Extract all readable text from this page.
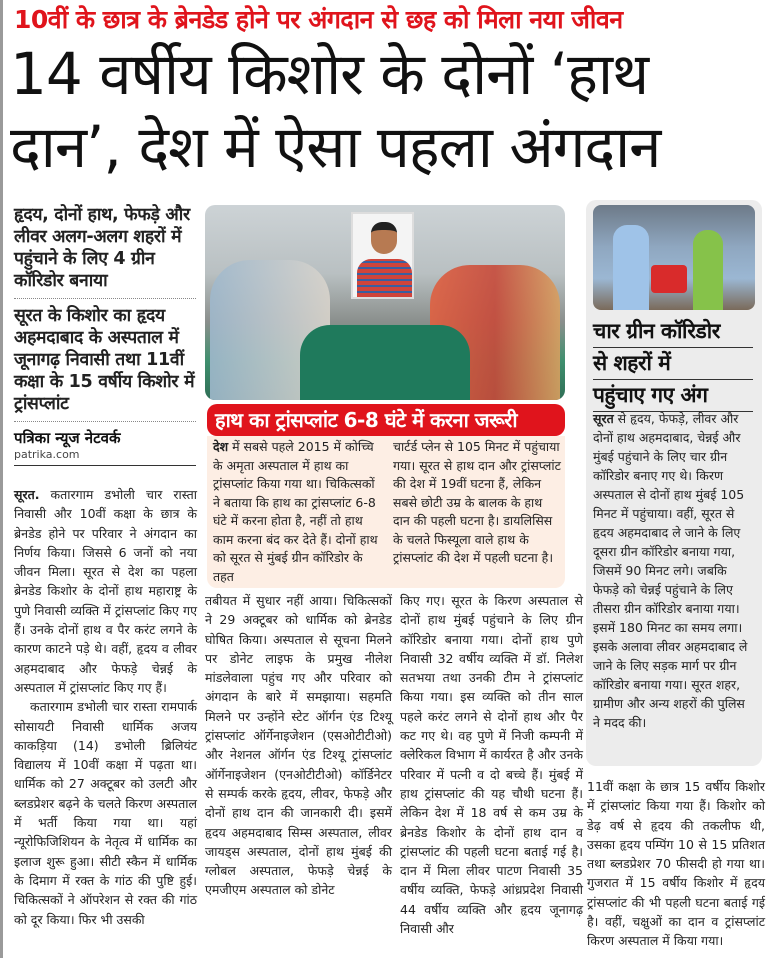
10वीं के छात्र के ब्रेनडेड होने पर अंगदान से छह को मिला नया जीवन
14 वर्षीय किशोर के दोनों ‘हाथ
दान’, देश में ऐसा पहला अंगदान
हृदय, दोनों हाथ, फेफड़े और लीवर अलग-अलग शहरों में पहुंचाने के लिए 4 ग्रीन कॉरिडोर बनाया
सूरत के किशोर का हृदय अहमदाबाद के अस्पताल में जूनागढ़ निवासी तथा 11वीं कक्षा के 15 वर्षीय किशोर में ट्रांसप्लांट
पत्रिका न्यूज नेटवर्क
patrika.com

सूरत. कतारगाम डभोली चार रास्ता निवासी और 10वीं कक्षा के छात्र के ब्रेनडेड होने पर परिवार ने अंगदान का निर्णय किया। जिससे 6 जनों को नया जीवन मिला। सूरत से देश का पहला ब्रेनडेड किशोर के दोनों हाथ महाराष्ट्र के पुणे निवासी व्यक्ति में ट्रांसप्लांट किए गए हैं। उनके दोनों हाथ व पैर करंट लगने के कारण काटने पड़े थे। वहीं, हृदय व लीवर अहमदाबाद और फेफड़े चेन्नई के अस्पताल में ट्रांसप्लांट किए गए हैं।

कतारगाम डभोली चार रास्ता रामपार्क सोसायटी निवासी धार्मिक अजय काकड़िया (14) डभोली ब्रिलियंट विद्यालय में 10वीं कक्षा में पढ़ता था। धार्मिक को 27 अक्टूबर को उलटी और ब्लडप्रेशर बढ़ने के चलते किरण अस्पताल में भर्ती किया गया था। यहां न्यूरोफिजिशियन के नेतृत्व में धार्मिक का इलाज शुरू हुआ। सीटी स्कैन में धार्मिक के दिमाग में रक्त के गांठ की पुष्टि हुई। चिकित्सकों ने ऑपरेशन से रक्त की गांठ को दूर किया। फिर भी उसकी

हाथ का ट्रांसप्लांट 6-8 घंटे में करना जरूरी
देश में सबसे पहले 2015 में कोच्चि के अमृता अस्पताल में हाथ का ट्रांसप्लांट किया गया था। चिकित्सकों ने बताया कि हाथ का ट्रांसप्लांट 6-8 घंटे में करना होता है, नहीं तो हाथ काम करना बंद कर देते हैं। दोनों हाथ को सूरत से मुंबई ग्रीन कॉरिडोर के तहत
चार्टर्ड प्लेन से 105 मिनट में पहुंचाया गया। सूरत से हाथ दान और ट्रांसप्लांट की देश में 19वीं घटना हैं, लेकिन सबसे छोटी उम्र के बालक के हाथ दान की पहली घटना है। डायलिसिस के चलते फिस्यूला वाले हाथ के ट्रांसप्लांट की देश में पहली घटना है।
तबीयत में सुधार नहीं आया। चिकित्सकों ने 29 अक्टूबर को धार्मिक को ब्रेनडेड घोषित किया। अस्पताल से सूचना मिलने पर डोनेट लाइफ के प्रमुख नीलेश मांडलेवाला पहुंच गए और परिवार को अंगदान के बारे में समझाया। सहमति मिलने पर उन्होंने स्टेट ऑर्गन एंड टिश्यू ट्रांसप्लांट ऑर्गेनाइजेशन (एसओटीटीओ) और नेशनल ऑर्गन एंड टिश्यू ट्रांसप्लांट ऑर्गेनाइजेशन (एनओटीटीओ) कॉर्डिनेटर से सम्पर्क करके हृदय, लीवर, फेफड़े और दोनों हाथ दान की जानकारी दी। इसमें हृदय अहमदाबाद सिम्स अस्पताल, लीवर जायड्स अस्पताल, दोनों हाथ मुंबई की ग्लोबल अस्पताल, फेफड़े चेन्नई के एमजीएम अस्पताल को डोनेट
किए गए। सूरत के किरण अस्पताल से दोनों हाथ मुंबई पहुंचाने के लिए ग्रीन कॉरिडोर बनाया गया। दोनों हाथ पुणे निवासी 32 वर्षीय व्यक्ति में डॉ. निलेश सतभया तथा उनकी टीम ने ट्रांसप्लांट किया गया। इस व्यक्ति को तीन साल पहले करंट लगने से दोनों हाथ और पैर कट गए थे। वह पुणे में निजी कम्पनी में क्लेरिकल विभाग में कार्यरत है और उनके परिवार में पत्नी व दो बच्चे हैं। मुंबई में हाथ ट्रांसप्लांट की यह चौथी घटना हैं। लेकिन देश में 18 वर्ष से कम उम्र के ब्रेनडेड किशोर के दोनों हाथ दान व ट्रांसप्लांट की पहली घटना बताई गई है। दान में मिला लीवर पाटण निवासी 35 वर्षीय व्यक्ति, फेफड़े आंध्रप्रदेश निवासी 44 वर्षीय व्यक्ति और हृदय जूनागढ़ निवासी और
चार ग्रीन कॉरिडोर
से शहरों में
पहुंचाए गए अंग
सूरत से हृदय, फेफड़े, लीवर और दोनों हाथ अहमदाबाद, चेन्नई और मुंबई पहुंचाने के लिए चार ग्रीन कॉरिडोर बनाए गए थे। किरण अस्पताल से दोनों हाथ मुंबई 105 मिनट में पहुंचाया। वहीं, सूरत से हृदय अहमदाबाद ले जाने के लिए दूसरा ग्रीन कॉरिडोर बनाया गया, जिसमें 90 मिनट लगे। जबकि फेफड़े को चेन्नई पहुंचाने के लिए तीसरा ग्रीन कॉरिडोर बनाया गया। इसमें 180 मिनट का समय लगा। इसके अलावा लीवर अहमदाबाद ले जाने के लिए सड़क मार्ग पर ग्रीन कॉरिडोर बनाया गया। सूरत शहर, ग्रामीण और अन्य शहरों की पुलिस ने मदद की।
11वीं कक्षा के छात्र 15 वर्षीय किशोर में ट्रांसप्लांट किया गया हैं। किशोर को डेढ़ वर्ष से हृदय की तकलीफ थी, उसका हृदय पम्पिंग 10 से 15 प्रतिशत तथा ब्लडप्रेशर 70 फीसदी हो गया था। गुजरात में 15 वर्षीय किशोर में हृदय ट्रांसप्लांट की भी पहली घटना बताई गई है। वहीं, चक्षुओं का दान व ट्रांसप्लांट किरण अस्पताल में किया गया।
